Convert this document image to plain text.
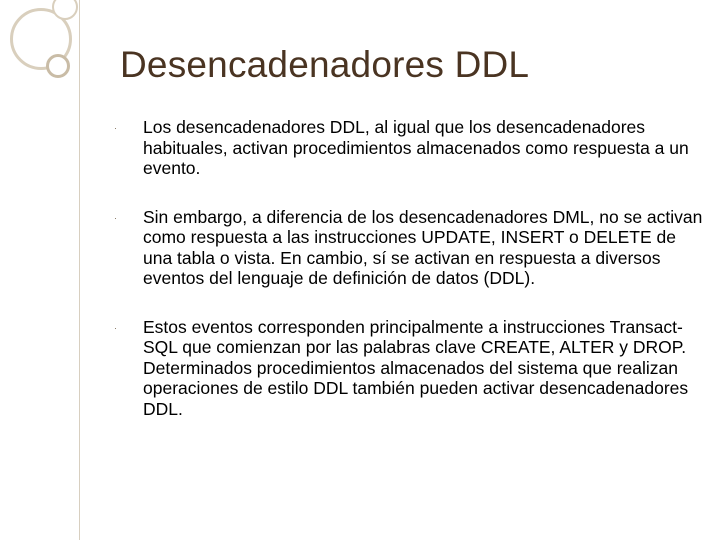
Desencadenadores DDL
· Los desencadenadores DDL, al igual que los desencadenadores habituales, activan procedimientos almacenados como respuesta a un evento.
· Sin embargo, a diferencia de los desencadenadores DML, no se activan como respuesta a las instrucciones UPDATE, INSERT o DELETE de una tabla o vista. En cambio, sí se activan en respuesta a diversos eventos del lenguaje de definición de datos (DDL).
· Estos eventos corresponden principalmente a instrucciones Transact-SQL que comienzan por las palabras clave CREATE, ALTER y DROP. Determinados procedimientos almacenados del sistema que realizan operaciones de estilo DDL también pueden activar desencadenadores DDL.
